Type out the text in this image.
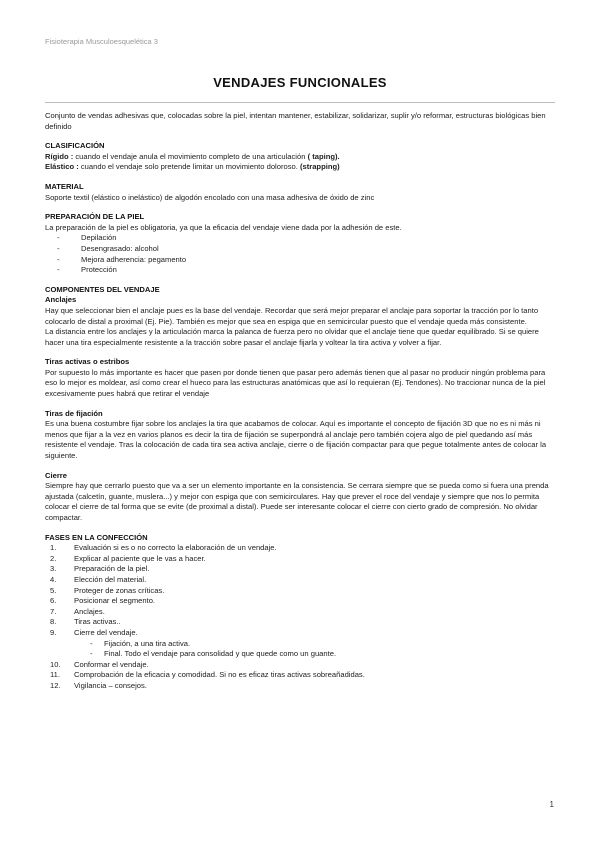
Fisioterapia Musculoesquelética 3
VENDAJES FUNCIONALES

Conjunto de vendas adhesivas que, colocadas sobre la piel, intentan mantener, estabilizar, solidarizar, suplir y/o reformar, estructuras biológicas bien definido

CLASIFICACIÓN

Rígido : cuando el vendaje anula el movimiento completo de una articulación ( taping).

Elástico : cuando el vendaje solo pretende limitar un movimiento doloroso. (strapping)

MATERIAL

Soporte textil (elástico o inelástico) de algodón encolado con una masa adhesiva de óxido de zinc

PREPARACIÓN DE LA PIEL

La preparación de la piel es obligatoria, ya que la eficacia del vendaje viene dada por la adhesión de este.

- Depilación
- Desengrasado: alcohol
- Mejora adherencia: pegamento
- Protección

COMPONENTES DEL VENDAJE

Anclajes

Hay que seleccionar bien el anclaje pues es la base del vendaje. Recordar que será mejor preparar el anclaje para soportar la tracción por lo tanto colocarlo de distal a proximal (Ej. Pie). También es mejor que sea en espiga que en semicircular puesto que el vendaje queda más consistente.

La distancia entre los anclajes y la articulación marca la palanca de fuerza pero no olvidar que el anclaje tiene que quedar equilibrado. Si se quiere hacer una tira especialmente resistente a la tracción sobre pasar el anclaje fijarla y voltear la tira activa y volver a fijar.

Tiras activas o estribos

Por supuesto lo más importante es hacer que pasen por donde tienen que pasar pero además tienen que al pasar no producir ningún problema para eso lo mejor es moldear, así como crear el hueco para las estructuras anatómicas que así lo requieran (Ej. Tendones). No traccionar nunca de la piel excesivamente pues habrá que retirar el vendaje

Tiras de fijación

Es una buena costumbre fijar sobre los anclajes la tira que acabamos de colocar. Aquí es importante el concepto de fijación 3D que no es ni más ni menos que fijar a la vez en varios planos es decir la tira de fijación se superpondrá al anclaje pero también cojera algo de piel quedando así más resistente el vendaje. Tras la colocación de cada tira sea activa anclaje, cierre o de fijación compactar para que pegue totalmente antes de colocar la siguiente.

Cierre

Siempre hay que cerrarlo puesto que va a ser un elemento importante en la consistencia. Se cerrara siempre que se pueda como si fuera una prenda ajustada (calcetín, guante, muslera...) y mejor con espiga que con semicirculares. Hay que prever el roce del vendaje y siempre que nos lo permita colocar el cierre de tal forma que se evite (de proximal a distal). Puede ser interesante colocar el cierre con cierto grado de compresión. No olvidar compactar.

FASES EN LA CONFECCIÓN

1. Evaluación si es o no correcto la elaboración de un vendaje.
2. Explicar al paciente que le vas a hacer.
3. Preparación de la piel.
4. Elección del material.
5. Proteger de zonas críticas.
6. Posicionar el segmento.
7. Anclajes.
8. Tiras activas..
9. Cierre del vendaje.
- Fijación, a una tira activa.
- Final. Todo el vendaje para consolidad y que quede como un guante.
10. Conformar el vendaje.
11. Comprobación de la eficacia y comodidad. Si no es eficaz tiras activas sobreañadidas.
12. Vigilancia – consejos.
1
